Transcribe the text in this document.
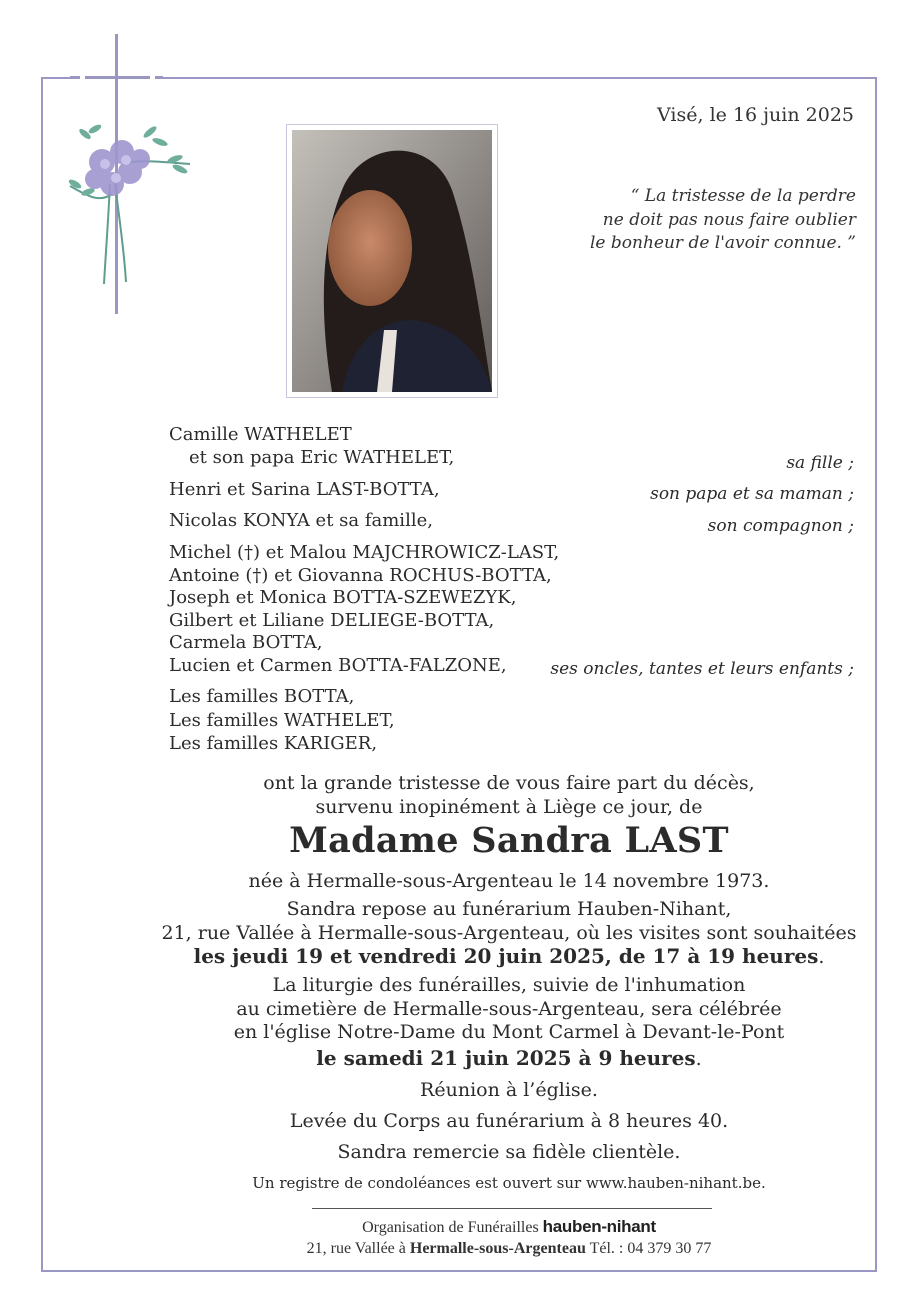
Visé, le 16 juin 2025
“ La tristesse de la perdre
ne doit pas nous faire oublier
le bonheur de l'avoir connue. ”
Camille WATHELET
et son papa Eric WATHELET,	sa fille ;
Henri et Sarina LAST-BOTTA,	son papa et sa maman ;
Nicolas KONYA et sa famille,	son compagnon ;
Michel (†) et Malou MAJCHROWICZ-LAST,
Antoine (†) et Giovanna ROCHUS-BOTTA,
Joseph et Monica BOTTA-SZEWEZYK,
Gilbert et Liliane DELIEGE-BOTTA,
Carmela BOTTA,
Lucien et Carmen BOTTA-FALZONE,	ses oncles, tantes et leurs enfants ;
Les familles BOTTA,
Les familles WATHELET,
Les familles KARIGER,
ont la grande tristesse de vous faire part du décès,
survenu inopinément à Liège ce jour, de
Madame Sandra LAST
née à Hermalle-sous-Argenteau le 14 novembre 1973.
Sandra repose au funérarium Hauben-Nihant,
21, rue Vallée à Hermalle-sous-Argenteau, où les visites sont souhaitées
les jeudi 19 et vendredi 20 juin 2025, de 17 à 19 heures.
La liturgie des funérailles, suivie de l'inhumation
au cimetière de Hermalle-sous-Argenteau, sera célébrée
en l'église Notre-Dame du Mont Carmel à Devant-le-Pont
le samedi 21 juin 2025 à 9 heures.
Réunion à l’église.
Levée du Corps au funérarium à 8 heures 40.
Sandra remercie sa fidèle clientèle.
Un registre de condoléances est ouvert sur www.hauben-nihant.be.
Organisation de Funérailles hauben-nihant
21, rue Vallée à Hermalle-sous-Argenteau Tél. : 04 379 30 77
